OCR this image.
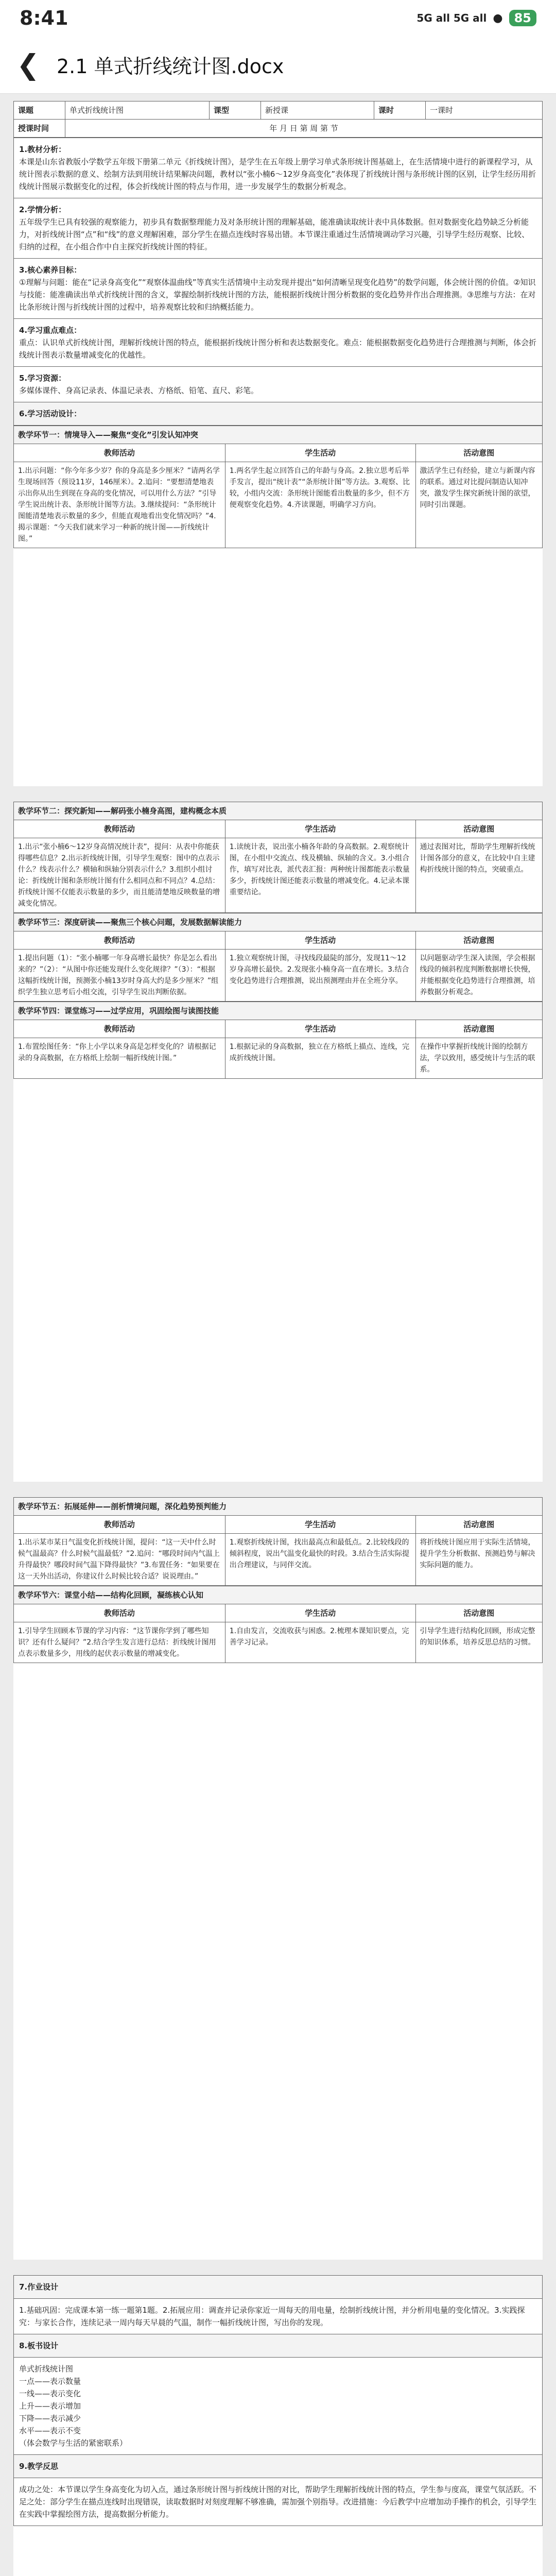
8:41	5G all 5G all ● 85
❮ 2.1 单式折线统计图.docx
课题	单式折线统计图	课型	新授课	课时	一课时
授课时间	年 月 日 第 周 第 节				
1.教材分析：
本课是山东省教版小学数学五年级下册第二单元《折线统计图》，是学生在五年级上册学习单式条形统计图基础上，在生活情境中进行的新课程学习，从统计图表示数据的意义、绘制方法到用统计结果解决问题，教材以“张小楠6～12岁身高变化”表体现了折线统计图与条形统计图的区别，让学生经历用折线统计图展示数据变化的过程，体会折线统计图的特点与作用，进一步发展学生的数据分析观念。
2.学情分析：
五年级学生已具有较强的观察能力，初步具有数据整理能力及对条形统计图的理解基础，能准确读取统计表中具体数据。但对数据变化趋势缺乏分析能力，对折线统计图“点”和“线”的意义理解困难，部分学生在描点连线时容易出错。本节课注重通过生活情境调动学习兴趣，引导学生经历观察、比较、归纳的过程，在小组合作中自主探究折线统计图的特征。
3.核心素养目标：
①理解与问题：能在“记录身高变化”“观察体温曲线”等真实生活情境中主动发现并提出“如何清晰呈现变化趋势”的数学问题，体会统计图的价值。②知识与技能：能准确读出单式折线统计图的含义，掌握绘制折线统计图的方法，能根据折线统计图分析数据的变化趋势并作出合理推测。③思维与方法：在对比条形统计图与折线统计图的过程中，培养观察比较和归纳概括能力。
4.学习重点难点：
重点：认识单式折线统计图，理解折线统计图的特点，能根据折线统计图分析和表达数据变化。难点：能根据数据变化趋势进行合理推测与判断，体会折线统计图表示数量增减变化的优越性。
5.学习资源：
多媒体课件、身高记录表、体温记录表、方格纸、铅笔、直尺、彩笔。
6.学习活动设计：
教学环节一：情境导入——聚焦“变化”引发认知冲突		
教师活动	学生活动	活动意图
1.出示问题：“你今年多少岁？你的身高是多少厘米？”请两名学生现场回答（预设11岁，146厘米）。2.追问：“要想清楚地表示出你从出生到现在身高的变化情况，可以用什么方法？”引导学生说出统计表、条形统计图等方法。3.继续提问：“条形统计图能清楚地表示数量的多少，但能直观地看出变化情况吗？”4.揭示课题：“今天我们就来学习一种新的统计图——折线统计图。”	1.两名学生起立回答自己的年龄与身高。2.独立思考后举手发言，提出“统计表”“条形统计图”等方法。3.观察、比较，小组内交流：条形统计图能看出数量的多少，但不方便观察变化趋势。4.齐读课题，明确学习方向。	激活学生已有经验，建立与新课内容的联系。通过对比提问制造认知冲突，激发学生探究新统计图的欲望，同时引出课题。
教学环节二：探究新知——解码张小楠身高图，建构概念本质		
教师活动	学生活动	活动意图
1.出示“张小楠6～12岁身高情况统计表”，提问：从表中你能获得哪些信息？2.出示折线统计图，引导学生观察：图中的点表示什么？线表示什么？横轴和纵轴分别表示什么？3.组织小组讨论：折线统计图和条形统计图有什么相同点和不同点？4.总结：折线统计图不仅能表示数量的多少，而且能清楚地反映数量的增减变化情况。	1.读统计表，说出张小楠各年龄的身高数据。2.观察统计图，在小组中交流点、线及横轴、纵轴的含义。3.小组合作，填写对比表，派代表汇报：两种统计图都能表示数量多少，折线统计图还能表示数量的增减变化。4.记录本课重要结论。	通过表图对比，帮助学生理解折线统计图各部分的意义，在比较中自主建构折线统计图的特点，突破重点。
教学环节三：深度研读——聚焦三个核心问题，发展数据解读能力		
教师活动	学生活动	活动意图
1.提出问题（1）：“张小楠哪一年身高增长最快？你是怎么看出来的？”（2）：“从图中你还能发现什么变化规律？”（3）：“根据这幅折线统计图，预测张小楠13岁时身高大约是多少厘米？”组织学生独立思考后小组交流，引导学生说出判断依据。	1.独立观察统计图，寻找线段最陡的部分，发现11～12岁身高增长最快。2.发现张小楠身高一直在增长。3.结合变化趋势进行合理推测，说出预测理由并在全班分享。	以问题驱动学生深入读图，学会根据线段的倾斜程度判断数据增长快慢，并能根据变化趋势进行合理推测，培养数据分析观念。
教学环节四：课堂练习——过学应用，巩固绘图与读图技能		
教师活动	学生活动	活动意图
1.布置绘图任务：“你上小学以来身高是怎样变化的？请根据记录的身高数据，在方格纸上绘制一幅折线统计图。”	1.根据记录的身高数据，独立在方格纸上描点、连线，完成折线统计图。	在操作中掌握折线统计图的绘制方法，学以致用，感受统计与生活的联系。
教学环节五：拓展延伸——剖析情境问题，深化趋势预判能力		
教师活动	学生活动	活动意图
1.出示某市某日气温变化折线统计图，提问：“这一天中什么时候气温最高？什么时候气温最低？”2.追问：“哪段时间内气温上升得最快？哪段时间气温下降得最快？”3.布置任务：“如果要在这一天外出活动，你建议什么时候比较合适？说说理由。”	1.观察折线统计图，找出最高点和最低点。2.比较线段的倾斜程度，说出气温变化最快的时段。3.结合生活实际提出合理建议，与同伴交流。	将折线统计图应用于实际生活情境，提升学生分析数据、预测趋势与解决实际问题的能力。
教学环节六：课堂小结——结构化回顾，凝练核心认知		
教师活动	学生活动	活动意图
1.引导学生回顾本节课的学习内容：“这节课你学到了哪些知识？还有什么疑问？”2.结合学生发言进行总结：折线统计图用点表示数量多少，用线的起伏表示数量的增减变化。	1.自由发言，交流收获与困惑。2.梳理本课知识要点，完善学习记录。	引导学生进行结构化回顾，形成完整的知识体系，培养反思总结的习惯。
7.作业设计
1.基础巩固：完成课本第一练一题第1题。2.拓展应用：调查并记录你家近一周每天的用电量，绘制折线统计图，并分析用电量的变化情况。3.实践探究：与家长合作，连续记录一周内每天早晨的气温，制作一幅折线统计图，写出你的发现。
8.板书设计

单式折线统计图
一点——表示数量
一线——表示变化
上升——表示增加
下降——表示减少
水平——表示不变
（体会数学与生活的紧密联系）

9.教学反思
成功之处：本节课以学生身高变化为切入点，通过条形统计图与折线统计图的对比，帮助学生理解折线统计图的特点，学生参与度高，课堂气氛活跃。不足之处：部分学生在描点连线时出现错误，读取数据时对刻度理解不够准确，需加强个别指导。改进措施：今后教学中应增加动手操作的机会，引导学生在实践中掌握绘图方法，提高数据分析能力。
